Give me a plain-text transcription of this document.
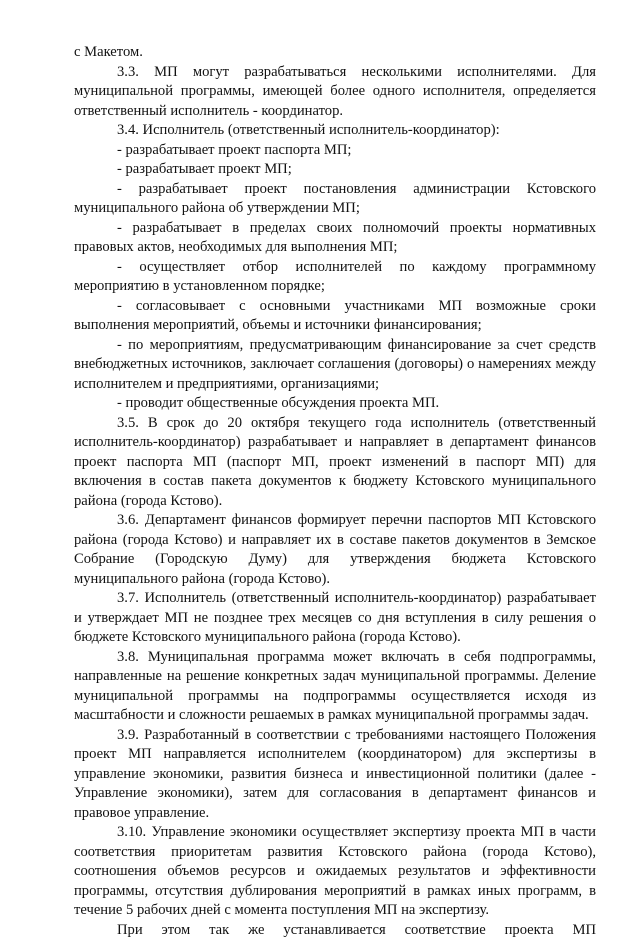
с Макетом.

3.3. МП могут разрабатываться несколькими исполнителями. Для муниципальной программы, имеющей более одного исполнителя, определяется ответственный исполнитель - координатор.

3.4. Исполнитель (ответственный исполнитель-координатор):

- разрабатывает проект паспорта МП;

- разрабатывает проект МП;

- разрабатывает проект постановления администрации Кстовского муниципального района об утверждении МП;

- разрабатывает в пределах своих полномочий проекты нормативных правовых актов, необходимых для выполнения МП;

- осуществляет отбор исполнителей по каждому программному мероприятию в установленном порядке;

- согласовывает с основными участниками МП возможные сроки выполнения мероприятий, объемы и источники финансирования;

- по мероприятиям, предусматривающим финансирование за счет средств внебюджетных источников, заключает соглашения (договоры) о намерениях между исполнителем и предприятиями, организациями;

- проводит общественные обсуждения проекта МП.

3.5. В срок до 20 октября текущего года исполнитель (ответственный исполнитель-координатор) разрабатывает и направляет в департамент финансов проект паспорта МП (паспорт МП, проект изменений в паспорт МП) для включения в состав пакета документов к бюджету Кстовского муниципального района (города Кстово).

3.6. Департамент финансов формирует перечни паспортов МП Кстовского района (города Кстово) и направляет их в составе пакетов документов в Земское Собрание (Городскую Думу) для утверждения бюджета Кстовского муниципального района (города Кстово).

3.7. Исполнитель (ответственный исполнитель-координатор) разрабатывает и утверждает МП не позднее трех месяцев со дня вступления в силу решения о бюджете Кстовского муниципального района (города Кстово).

3.8. Муниципальная программа может включать в себя подпрограммы, направленные на решение конкретных задач муниципальной программы. Деление муниципальной программы на подпрограммы осуществляется исходя из масштабности и сложности решаемых в рамках муниципальной программы задач.

3.9. Разработанный в соответствии с требованиями настоящего Положения проект МП направляется исполнителем (координатором) для экспертизы в управление экономики, развития бизнеса и инвестиционной политики (далее - Управление экономики), затем для согласования в департамент финансов и правовое управление.

3.10. Управление экономики осуществляет экспертизу проекта МП в части соответствия приоритетам развития Кстовского района (города Кстово), соотношения объемов ресурсов и ожидаемых результатов и эффективности программы, отсутствия дублирования мероприятий в рамках иных программ, в течение 5 рабочих дней с момента поступления МП на экспертизу.

При этом так же устанавливается соответствие проекта МП
